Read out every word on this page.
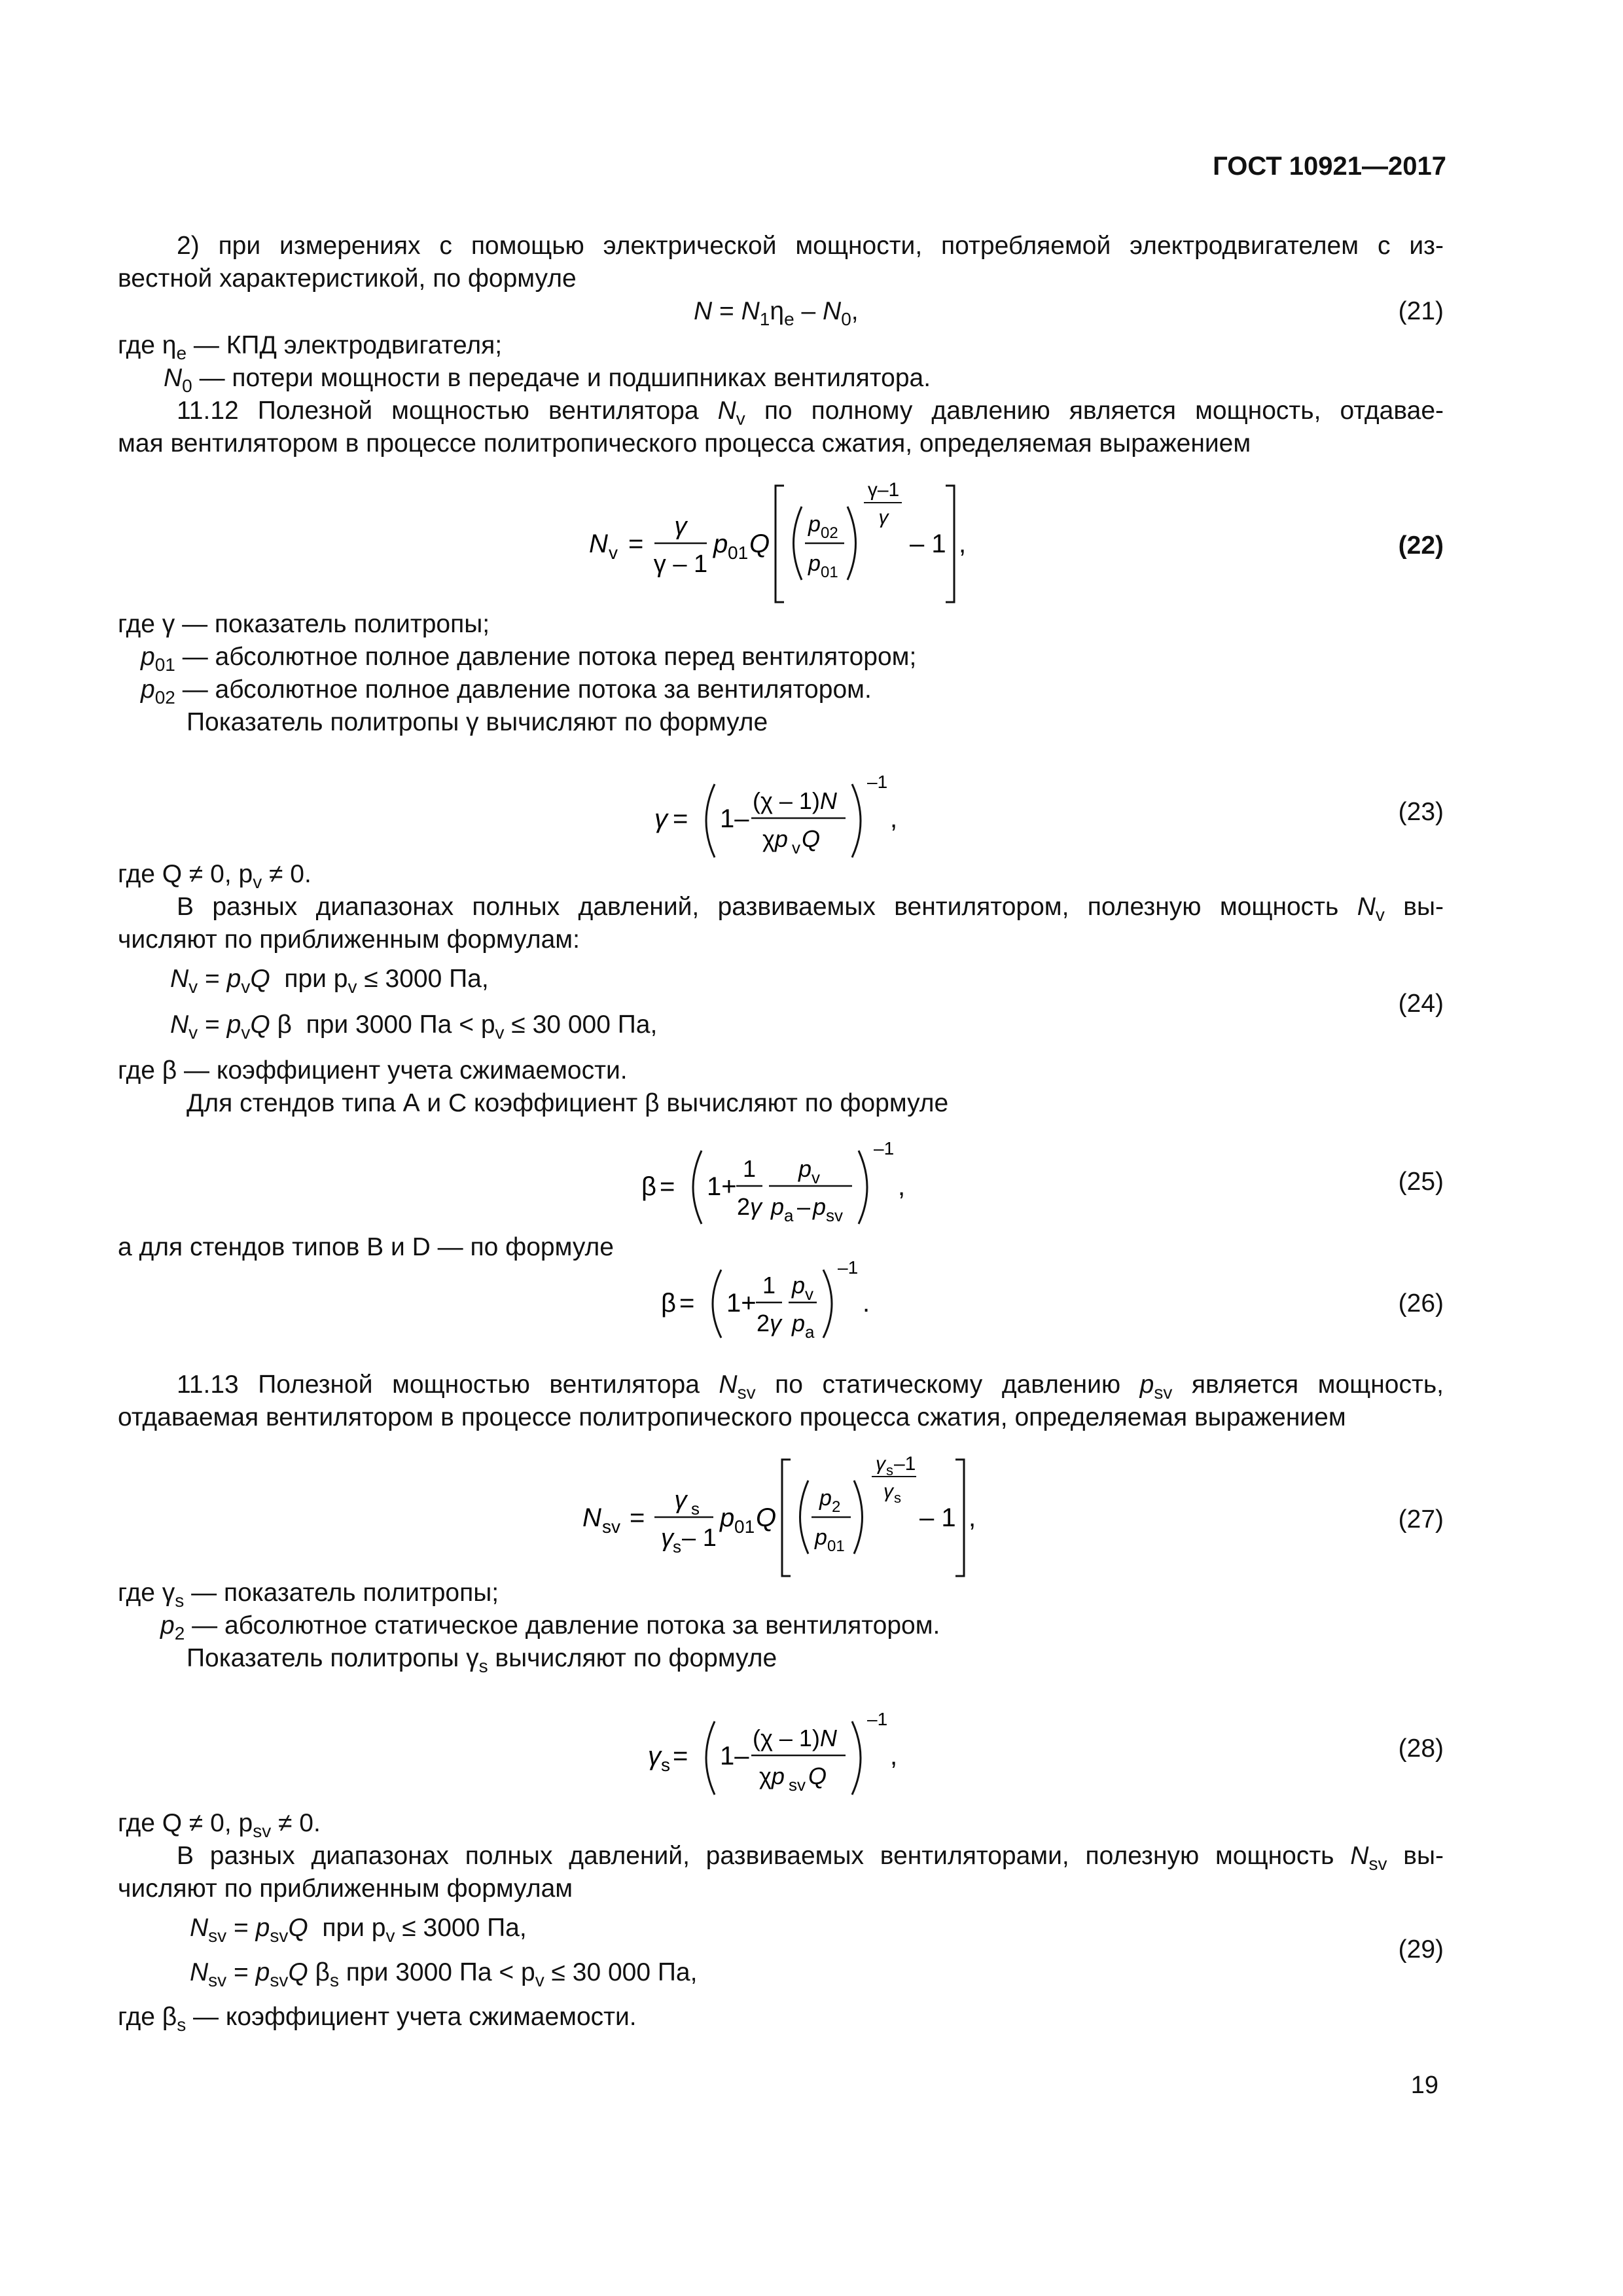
ГОСТ 10921—2017
19
2) при измерениях с помощью электрической мощности, потребляемой электродвигателем с из-
вестной характеристикой, по формуле
$N = N_1\eta_e - N_0$,	(21)
где $\eta_e$ — КПД электродвигателя;
$N_0$ — потери мощности в передаче и подшипниках вентилятора.
11.12 Полезной мощностью вентилятора $N_v$ по полному давлению является мощность, отдавае-
мая вентилятором в процессе политропического процесса сжатия, определяемая выражением
N v =
γ
γ – 1
p 01 Q
p 02
p 01
γ–1
γ
– 1 ,	(22)
где γ — показатель политропы;
$p_{01}$ — абсолютное полное давление потока перед вентилятором;
$p_{02}$ — абсолютное полное давление потока за вентилятором.
Показатель политропы γ вычисляют по формуле
γ = 1–
(χ – 1)N
χp v Q
–1
,	(23)
где Q ≠ 0, $p_v \ne 0$.
В разных диапазонах полных давлений, развиваемых вентилятором, полезную мощность $N_v$ вы-
числяют по приближенным формулам:
$N_v = p_vQ$ при $p_v \le 3000$ Па,
$N_v = p_vQ$ β  при 3000 Па < $p_v \le 30$ 000 Па,
(24)
где β — коэффициент учета сжимаемости.
Для стендов типа А и С коэффициент β вычисляют по формуле
β = 1+
1
2γ
p v
p a – p sv
–1
,	(25)
а для стендов типов В и D — по формуле
β = 1+
1
2γ
p v
p a
–1
.	(26)
11.13 Полезной мощностью вентилятора $N_{sv}$ по статическому давлению $p_{sv}$ является мощность,
отдаваемая вентилятором в процессе политропического процесса сжатия, определяемая выражением
N sv =
γ s
γ s – 1
p 01 Q
p 2
p 01
γ s –1
γ s
– 1 ,	(27)
где $\gamma_s$ — показатель политропы;
$p_2$ — абсолютное статическое давление потока за вентилятором.
Показатель политропы $\gamma_s$ вычисляют по формуле
γ s = 1–
(χ – 1)N
χp sv Q
–1
,	(28)
где Q ≠ 0, $p_{sv} \ne 0$.
В разных диапазонах полных давлений, развиваемых вентиляторами, полезную мощность $N_{sv}$ вы-
числяют по приближенным формулам
$N_{sv} = p_{sv}Q$ при $p_v \le 3000$ Па,
$N_{sv} = p_{sv}Q$ $\beta_s$ при 3000 Па < $p_v \le 30$ 000 Па,
(29)
где $\beta_s$ — коэффициент учета сжимаемости.
